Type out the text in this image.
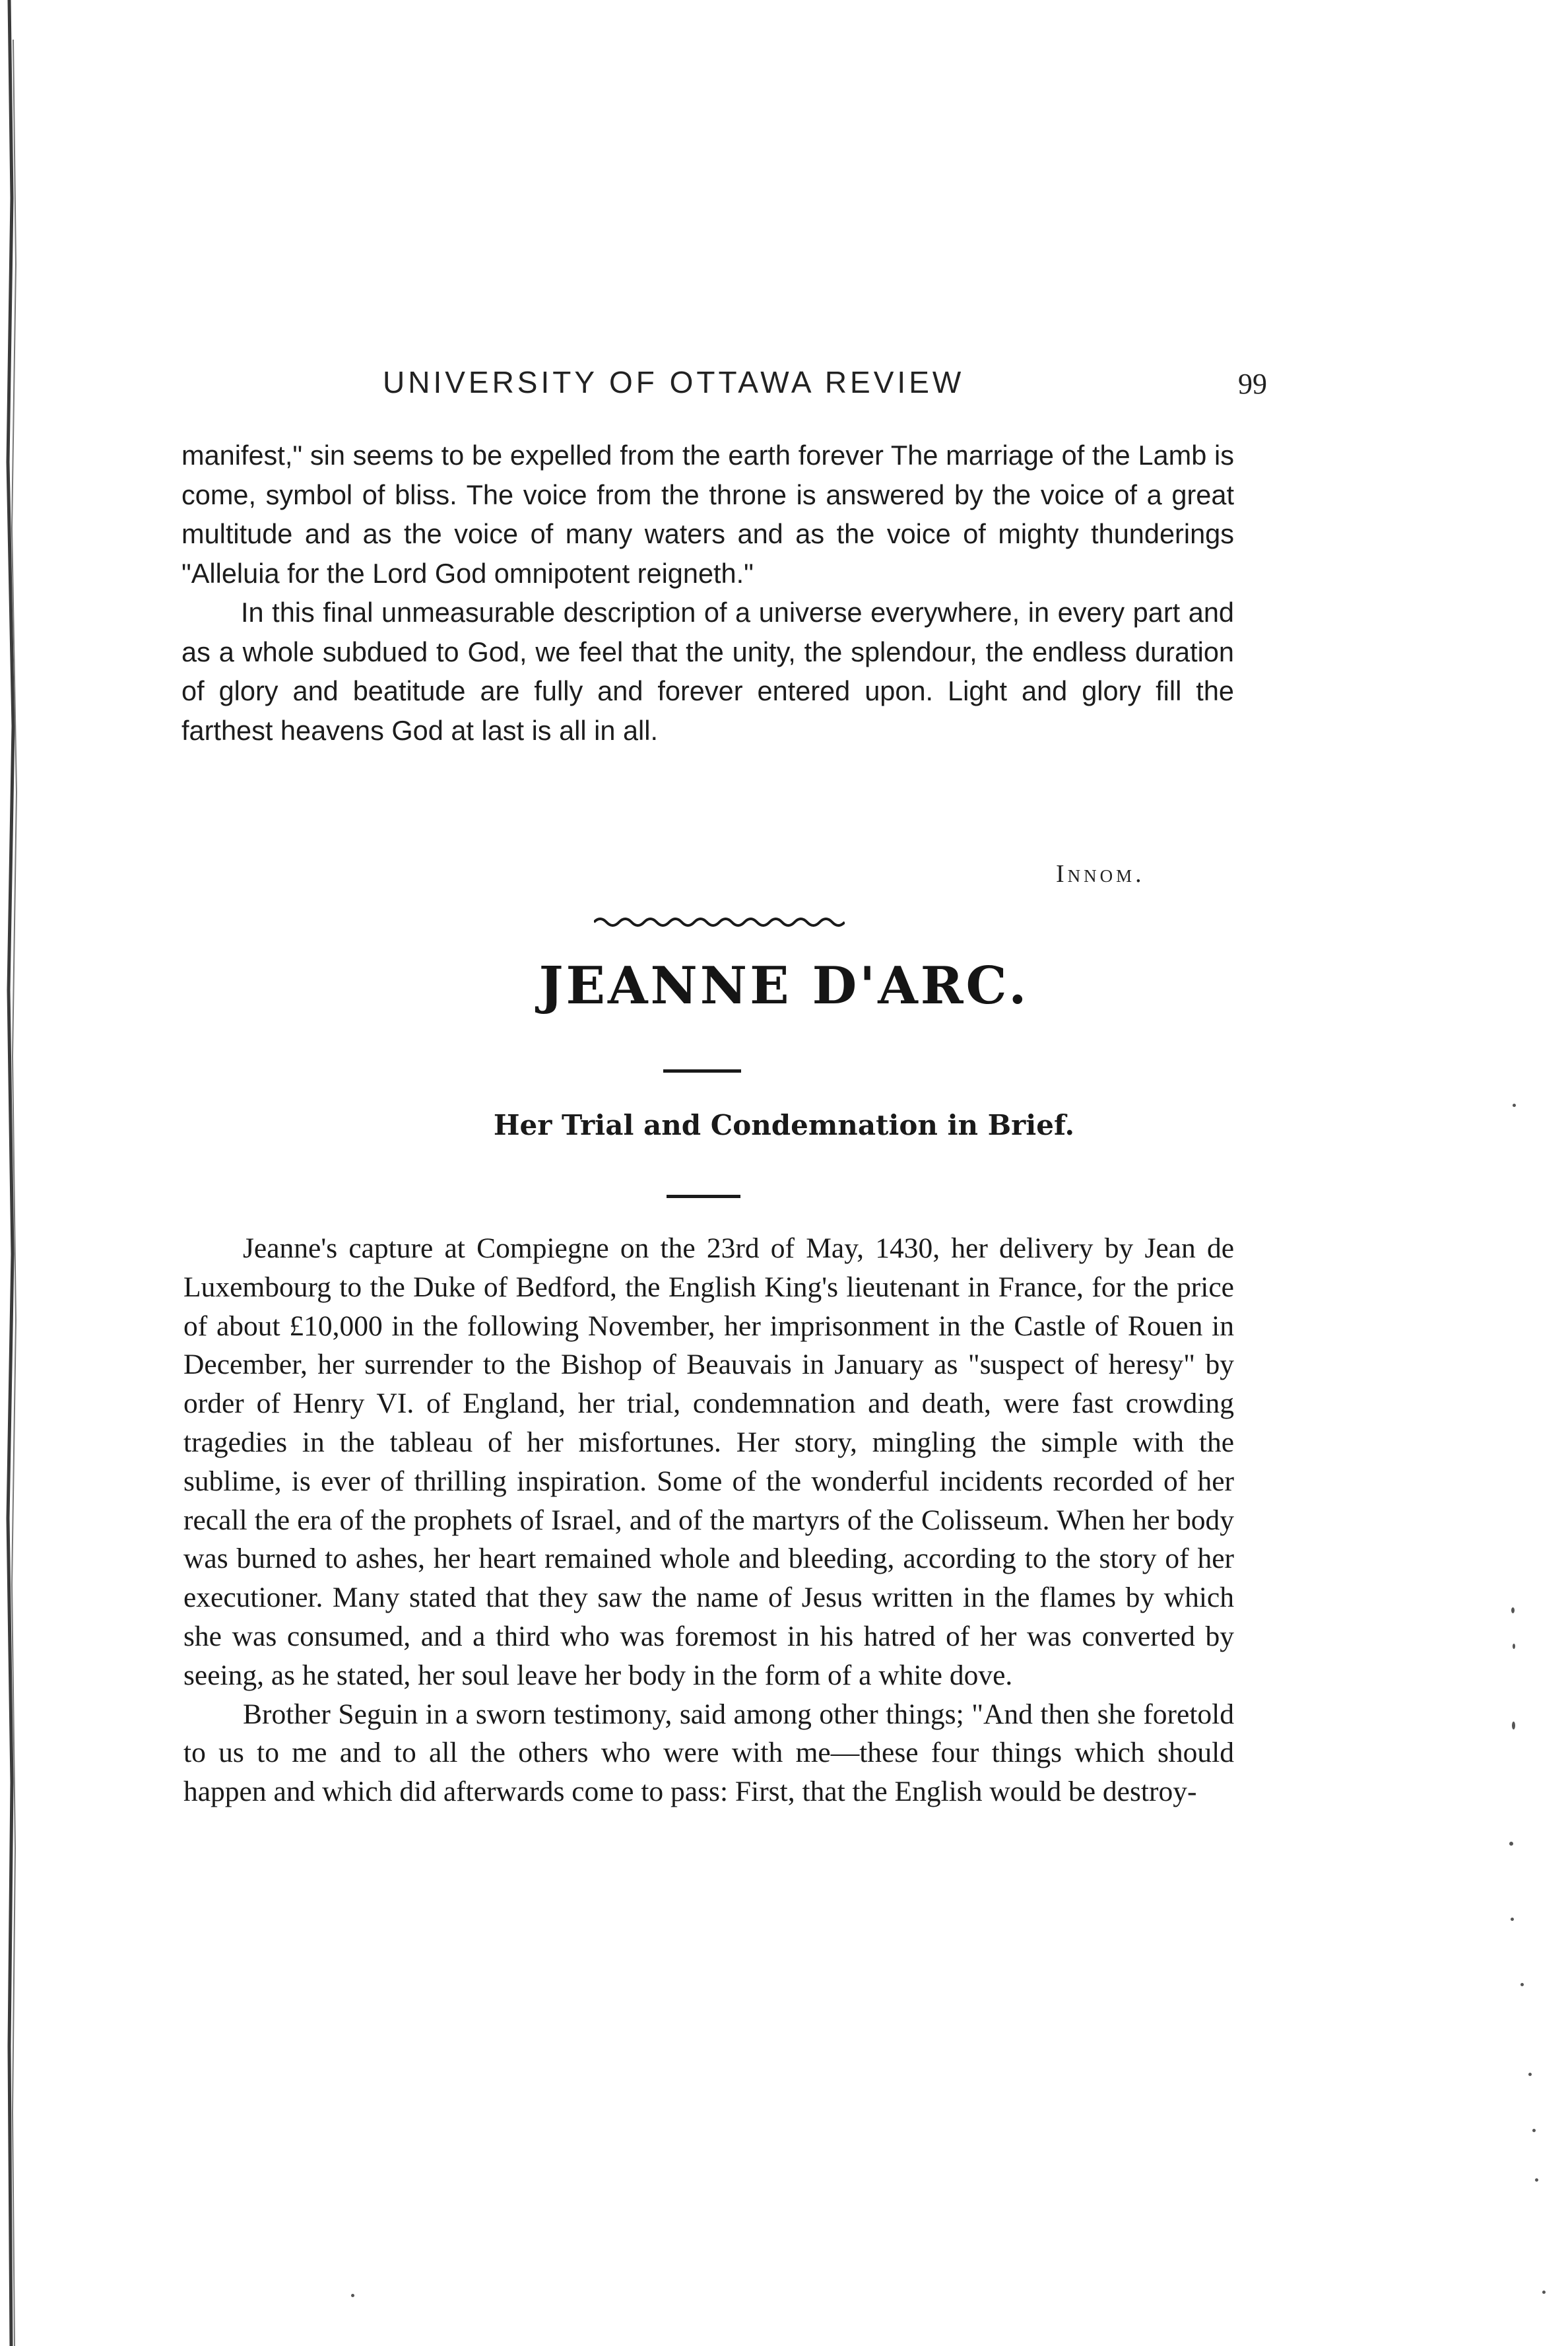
UNIVERSITY OF OTTAWA REVIEW	99

manifest," sin seems to be expelled from the earth forever The marriage of the Lamb is come, symbol of bliss. The voice from the throne is answered by the voice of a great multitude and as the voice of many waters and as the voice of mighty thunderings "Alleluia for the Lord God omnipotent reigneth."

In this final unmeasurable description of a universe everywhere, in every part and as a whole subdued to God, we feel that the unity, the splendour, the endless duration of glory and beatitude are fully and forever entered upon. Light and glory fill the farthest heavens God at last is all in all.

Innom.
JEANNE D'ARC.
Her Trial and Condemnation in Brief.

Jeanne's capture at Compiegne on the 23rd of May, 1430, her delivery by Jean de Luxembourg to the Duke of Bedford, the English King's lieutenant in France, for the price of about £10,000 in the following November, her imprisonment in the Castle of Rouen in December, her surrender to the Bishop of Beauvais in January as "suspect of heresy" by order of Henry VI. of England, her trial, condemnation and death, were fast crowding tragedies in the tableau of her misfortunes. Her story, mingling the simple with the sublime, is ever of thrilling inspiration. Some of the wonderful incidents recorded of her recall the era of the prophets of Israel, and of the martyrs of the Colisseum. When her body was burned to ashes, her heart remained whole and bleeding, according to the story of her executioner. Many stated that they saw the name of Jesus written in the flames by which she was consumed, and a third who was foremost in his hatred of her was converted by seeing, as he stated, her soul leave her body in the form of a white dove.

Brother Seguin in a sworn testimony, said among other things; "And then she foretold to us to me and to all the others who were with me—these four things which should happen and which did afterwards come to pass: First, that the English would be destroy-
